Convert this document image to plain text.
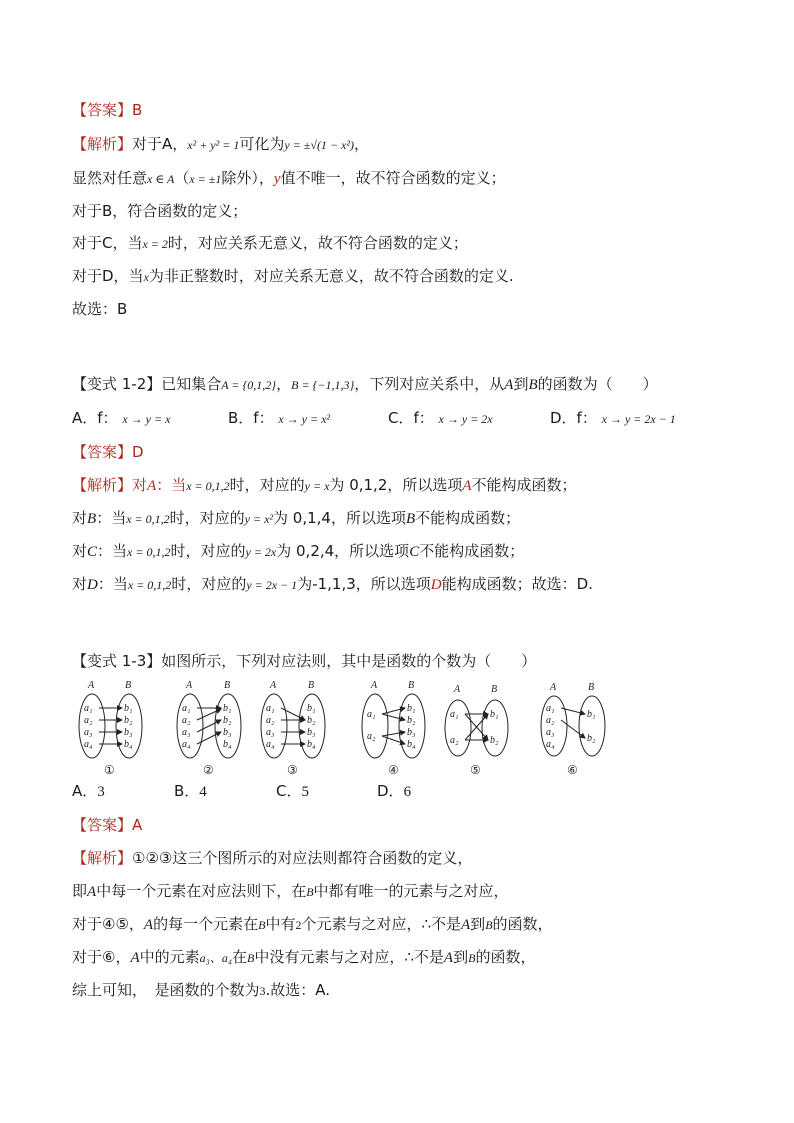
【答案】B
【解析】对于A，x² + y² = 1可化为y = ±√(1 − x²)，
显然对任意x ∈ A（x = ±1除外），y值不唯一，故不符合函数的定义；
对于B，符合函数的定义；
对于C，当x = 2时，对应关系无意义，故不符合函数的定义；
对于D，当x为非正整数时，对应关系无意义，故不符合函数的定义.
故选：B
【变式 1-2】已知集合A = {0,1,2}，B = {−1,1,3}，下列对应关系中，从A到B的函数为（　　）
A．f： x → y = x	B．f： x → y = x²	C．f： x → y = 2x	D．f： x → y = 2x − 1
【答案】D
【解析】对A：当x = 0,1,2时，对应的y = x为 0,1,2，所以选项A不能构成函数；
对B：当x = 0,1,2时，对应的y = x²为 0,1,4，所以选项B不能构成函数；
对C：当x = 0,1,2时，对应的y = 2x为 0,2,4，所以选项C不能构成函数；
对D：当x = 0,1,2时，对应的y = 2x − 1为-1,1,3，所以选项D能构成函数；故选：D.
【变式 1-3】如图所示，下列对应法则，其中是函数的个数为（　　）
A	B	A	B	A	B	A	B	A	B	A	B
a₁
a₂
a₃
a₄
b₁
b₂
b₃
b₄
a₁
a₂
a₃
a₄
b₁
b₂
b₃
b₄
a₁
a₂
a₃
a₄
b₁
b₂
b₃
b₄
a₁
a₂
b₁
b₂
b₃
b₄
a₁
a₂
b₁
b₂
a₁
a₂
a₃
a₄
b₁
b₂
①	②	③	④	⑤	⑥
A．3	B．4	C．5	D．6
【答案】A
【解析】①②③这三个图所示的对应法则都符合函数的定义，
即A中每一个元素在对应法则下，在B中都有唯一的元素与之对应，
对于④⑤，A的每一个元素在B中有2个元素与之对应，∴不是A到B的函数，
对于⑥，A中的元素a₃、a₄在B中没有元素与之对应，∴不是A到B的函数，
综上可知，　是函数的个数为3.故选：A.
